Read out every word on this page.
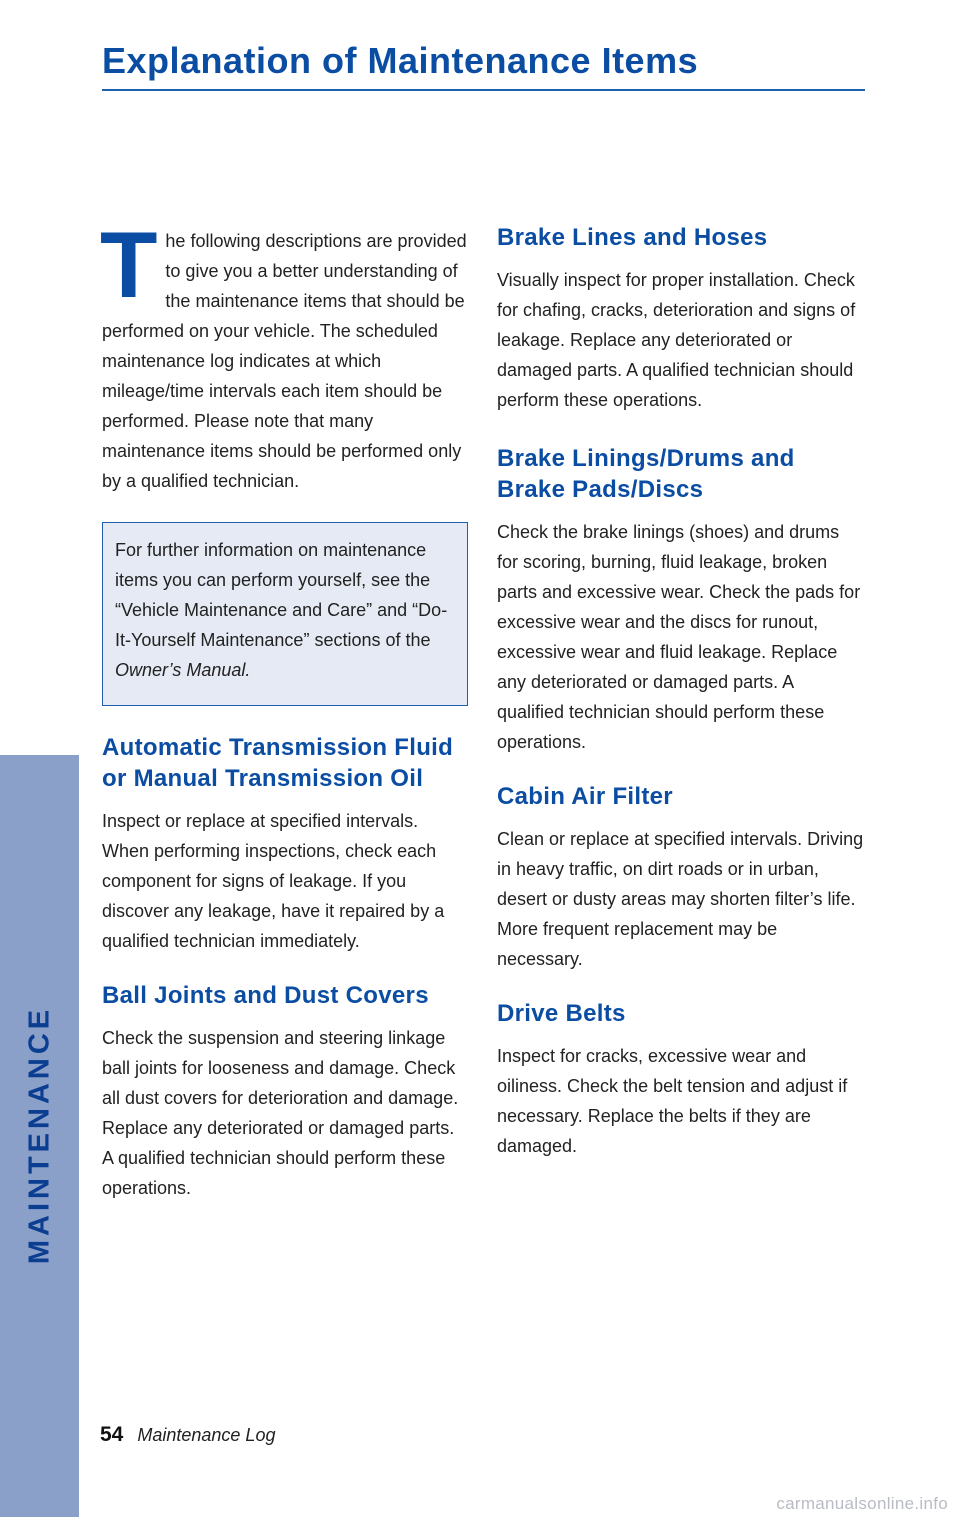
MAINTENANCE
Explanation of Maintenance Items

The following descriptions are provided to give you a better understanding of the maintenance items that should be performed on your vehicle. The scheduled maintenance log indicates at which mileage/time intervals each item should be performed. Please note that many maintenance items should be performed only by a qualified technician.

For further information on maintenance items you can perform yourself, see the “Vehicle Maintenance and Care” and “Do-It-Yourself Maintenance” sections of the Owner’s Manual.

Automatic Transmission Fluid or Manual Transmission Oil

Inspect or replace at specified intervals. When performing inspections, check each component for signs of leakage. If you discover any leakage, have it repaired by a qualified technician immediately.

Ball Joints and Dust Covers

Check the suspension and steering linkage ball joints for looseness and damage. Check all dust covers for deterioration and damage. Replace any deteriorated or damaged parts. A qualified technician should perform these operations.

Brake Lines and Hoses

Visually inspect for proper installation. Check for chafing, cracks, deterioration and signs of leakage. Replace any deteriorated or damaged parts. A qualified technician should perform these operations.

Brake Linings/Drums and Brake Pads/Discs

Check the brake linings (shoes) and drums for scoring, burning, fluid leakage, broken parts and excessive wear. Check the pads for excessive wear and the discs for runout, excessive wear and fluid leakage. Replace any deteriorated or damaged parts. A qualified technician should perform these operations.

Cabin Air Filter

Clean or replace at specified intervals. Driving in heavy traffic, on dirt roads or in urban, desert or dusty areas may shorten filter’s life. More frequent replacement may be necessary.

Drive Belts

Inspect for cracks, excessive wear and oiliness. Check the belt tension and adjust if necessary. Replace the belts if they are damaged.

54 Maintenance Log
carmanualsonline.info
